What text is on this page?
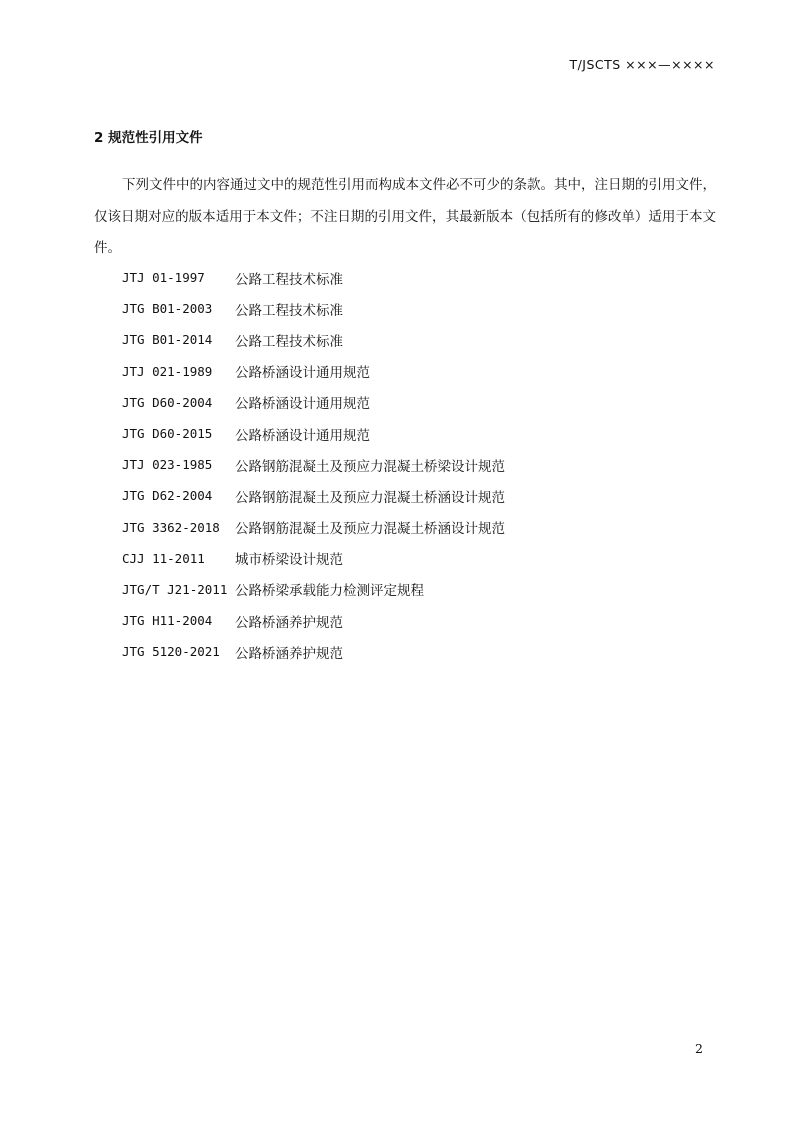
T/JSCTS ×××—××××
2 规范性引用文件

下列文件中的内容通过文中的规范性引用而构成本文件必不可少的条款。其中，注日期的引用文件，仅该日期对应的版本适用于本文件；不注日期的引用文件，其最新版本（包括所有的修改单）适用于本文件。

JTJ 01-1997	公路工程技术标准
JTG B01-2003	公路工程技术标准
JTG B01-2014	公路工程技术标准
JTJ 021-1989	公路桥涵设计通用规范
JTG D60-2004	公路桥涵设计通用规范
JTG D60-2015	公路桥涵设计通用规范
JTJ 023-1985	公路钢筋混凝土及预应力混凝土桥梁设计规范
JTG D62-2004	公路钢筋混凝土及预应力混凝土桥涵设计规范
JTG 3362-2018	公路钢筋混凝土及预应力混凝土桥涵设计规范
CJJ 11-2011	城市桥梁设计规范
JTG/T J21-2011 公路桥梁承载能力检测评定规程
JTG H11-2004	公路桥涵养护规范
JTG 5120-2021	公路桥涵养护规范
2
